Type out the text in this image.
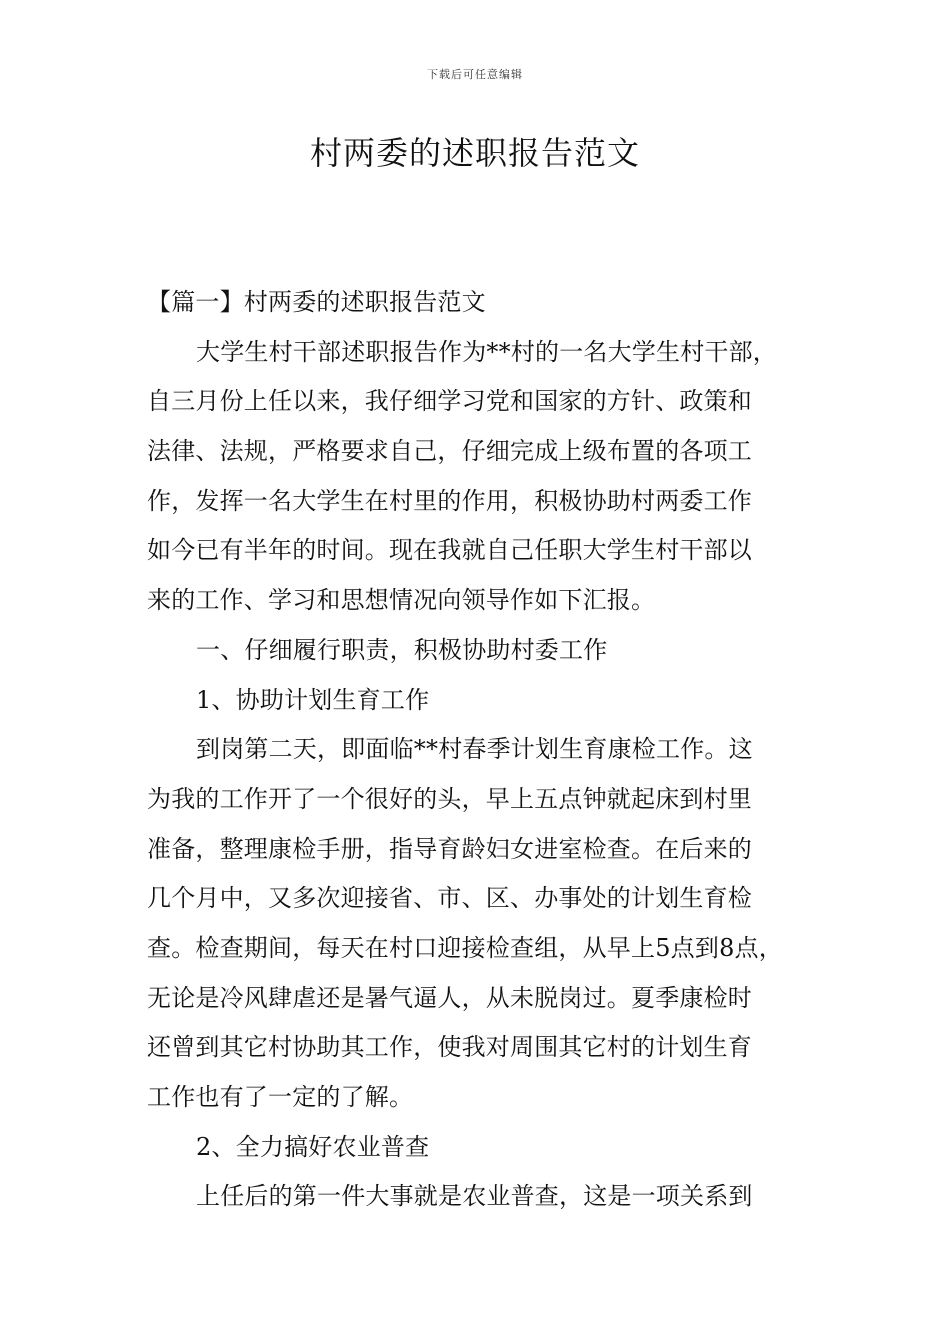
下载后可任意编辑
村两委的述职报告范文

【篇一】村两委的述职报告范文

大学生村干部述职报告作为**村的一名大学生村干部，

自三月份上任以来，我仔细学习党和国家的方针、政策和

法律、法规，严格要求自己，仔细完成上级布置的各项工

作，发挥一名大学生在村里的作用，积极协助村两委工作

如今已有半年的时间。现在我就自己任职大学生村干部以

来的工作、学习和思想情况向领导作如下汇报。

一、仔细履行职责，积极协助村委工作

1、协助计划生育工作

到岗第二天，即面临**村春季计划生育康检工作。这

为我的工作开了一个很好的头，早上五点钟就起床到村里

准备，整理康检手册，指导育龄妇女进室检查。在后来的

几个月中，又多次迎接省、市、区、办事处的计划生育检

查。检查期间，每天在村口迎接检查组，从早上5点到8点，

无论是冷风肆虐还是暑气逼人，从未脱岗过。夏季康检时

还曾到其它村协助其工作，使我对周围其它村的计划生育

工作也有了一定的了解。

2、全力搞好农业普查

上任后的第一件大事就是农业普查，这是一项关系到
